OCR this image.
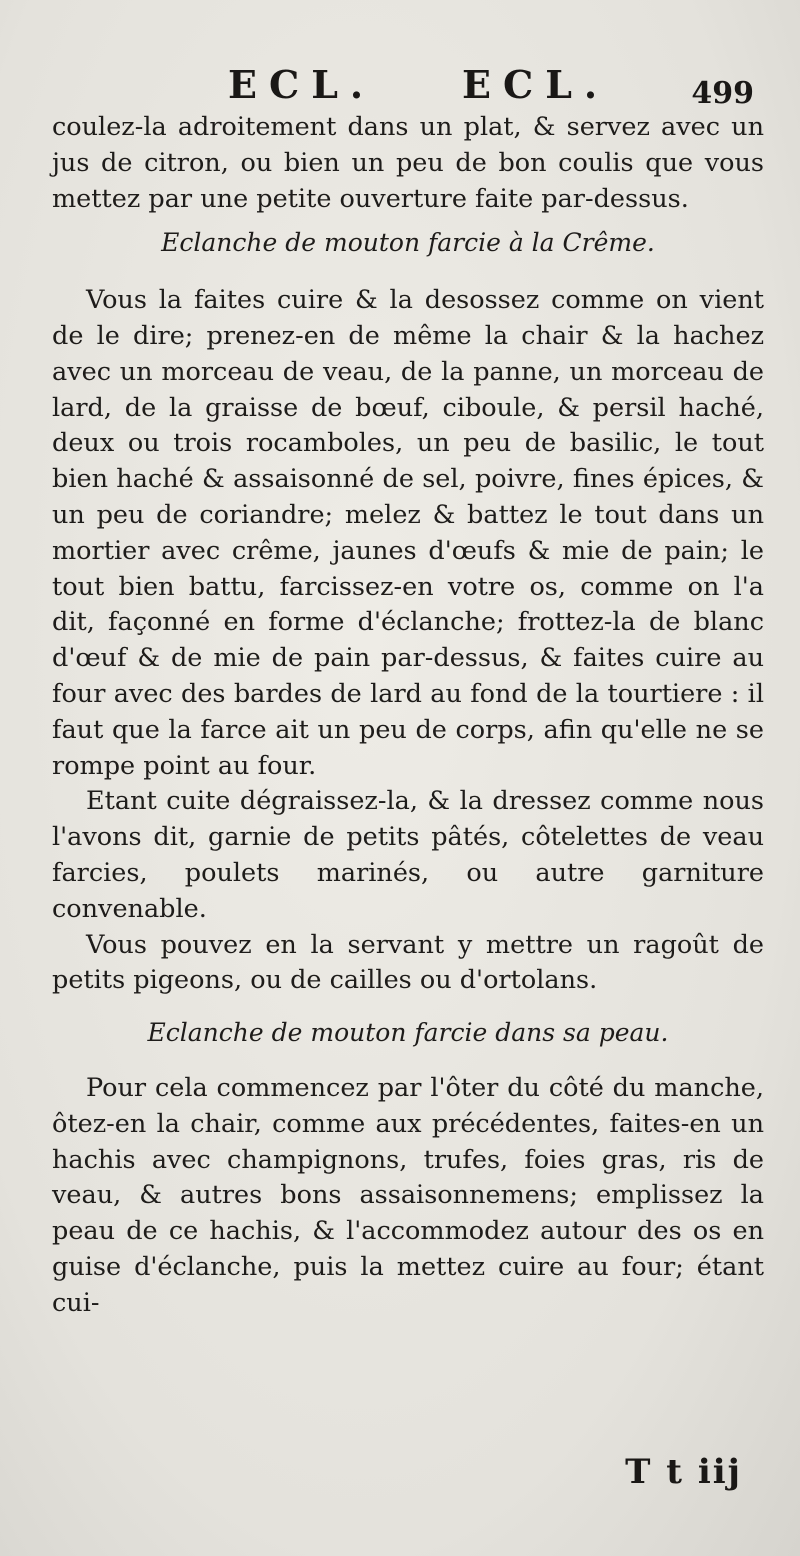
ECL. ECL.	499

coulez-la adroitement dans un plat, & servez avec un jus de citron, ou bien un peu de bon coulis que vous mettez par une petite ouverture faite par-dessus.

Eclanche de mouton farcie à la Crême.

Vous la faites cuire & la desossez comme on vient de le dire; prenez-en de même la chair & la hachez avec un morceau de veau, de la panne, un morceau de lard, de la graisse de bœuf, ciboule, & persil haché, deux ou trois rocamboles, un peu de basilic, le tout bien haché & assaisonné de sel, poivre, fines épices, & un peu de coriandre; melez & battez le tout dans un mortier avec crême, jaunes d'œufs & mie de pain; le tout bien battu, farcissez-en votre os, comme on l'a dit, façonné en forme d'éclanche; frottez-la de blanc d'œuf & de mie de pain par-dessus, & faites cuire au four avec des bardes de lard au fond de la tourtiere : il faut que la farce ait un peu de corps, afin qu'elle ne se rompe point au four.

Etant cuite dégraissez-la, & la dressez comme nous l'avons dit, garnie de petits pâtés, côtelettes de veau farcies, poulets marinés, ou autre garniture convenable.

Vous pouvez en la servant y mettre un ragoût de petits pigeons, ou de cailles ou d'ortolans.

Eclanche de mouton farcie dans sa peau.

Pour cela commencez par l'ôter du côté du manche, ôtez-en la chair, comme aux précédentes, faites-en un hachis avec champignons, trufes, foies gras, ris de veau, & autres bons assaisonnemens; emplissez la peau de ce hachis, & l'accommodez autour des os en guise d'éclanche, puis la mettez cuire au four; étant cui-

T t iij
